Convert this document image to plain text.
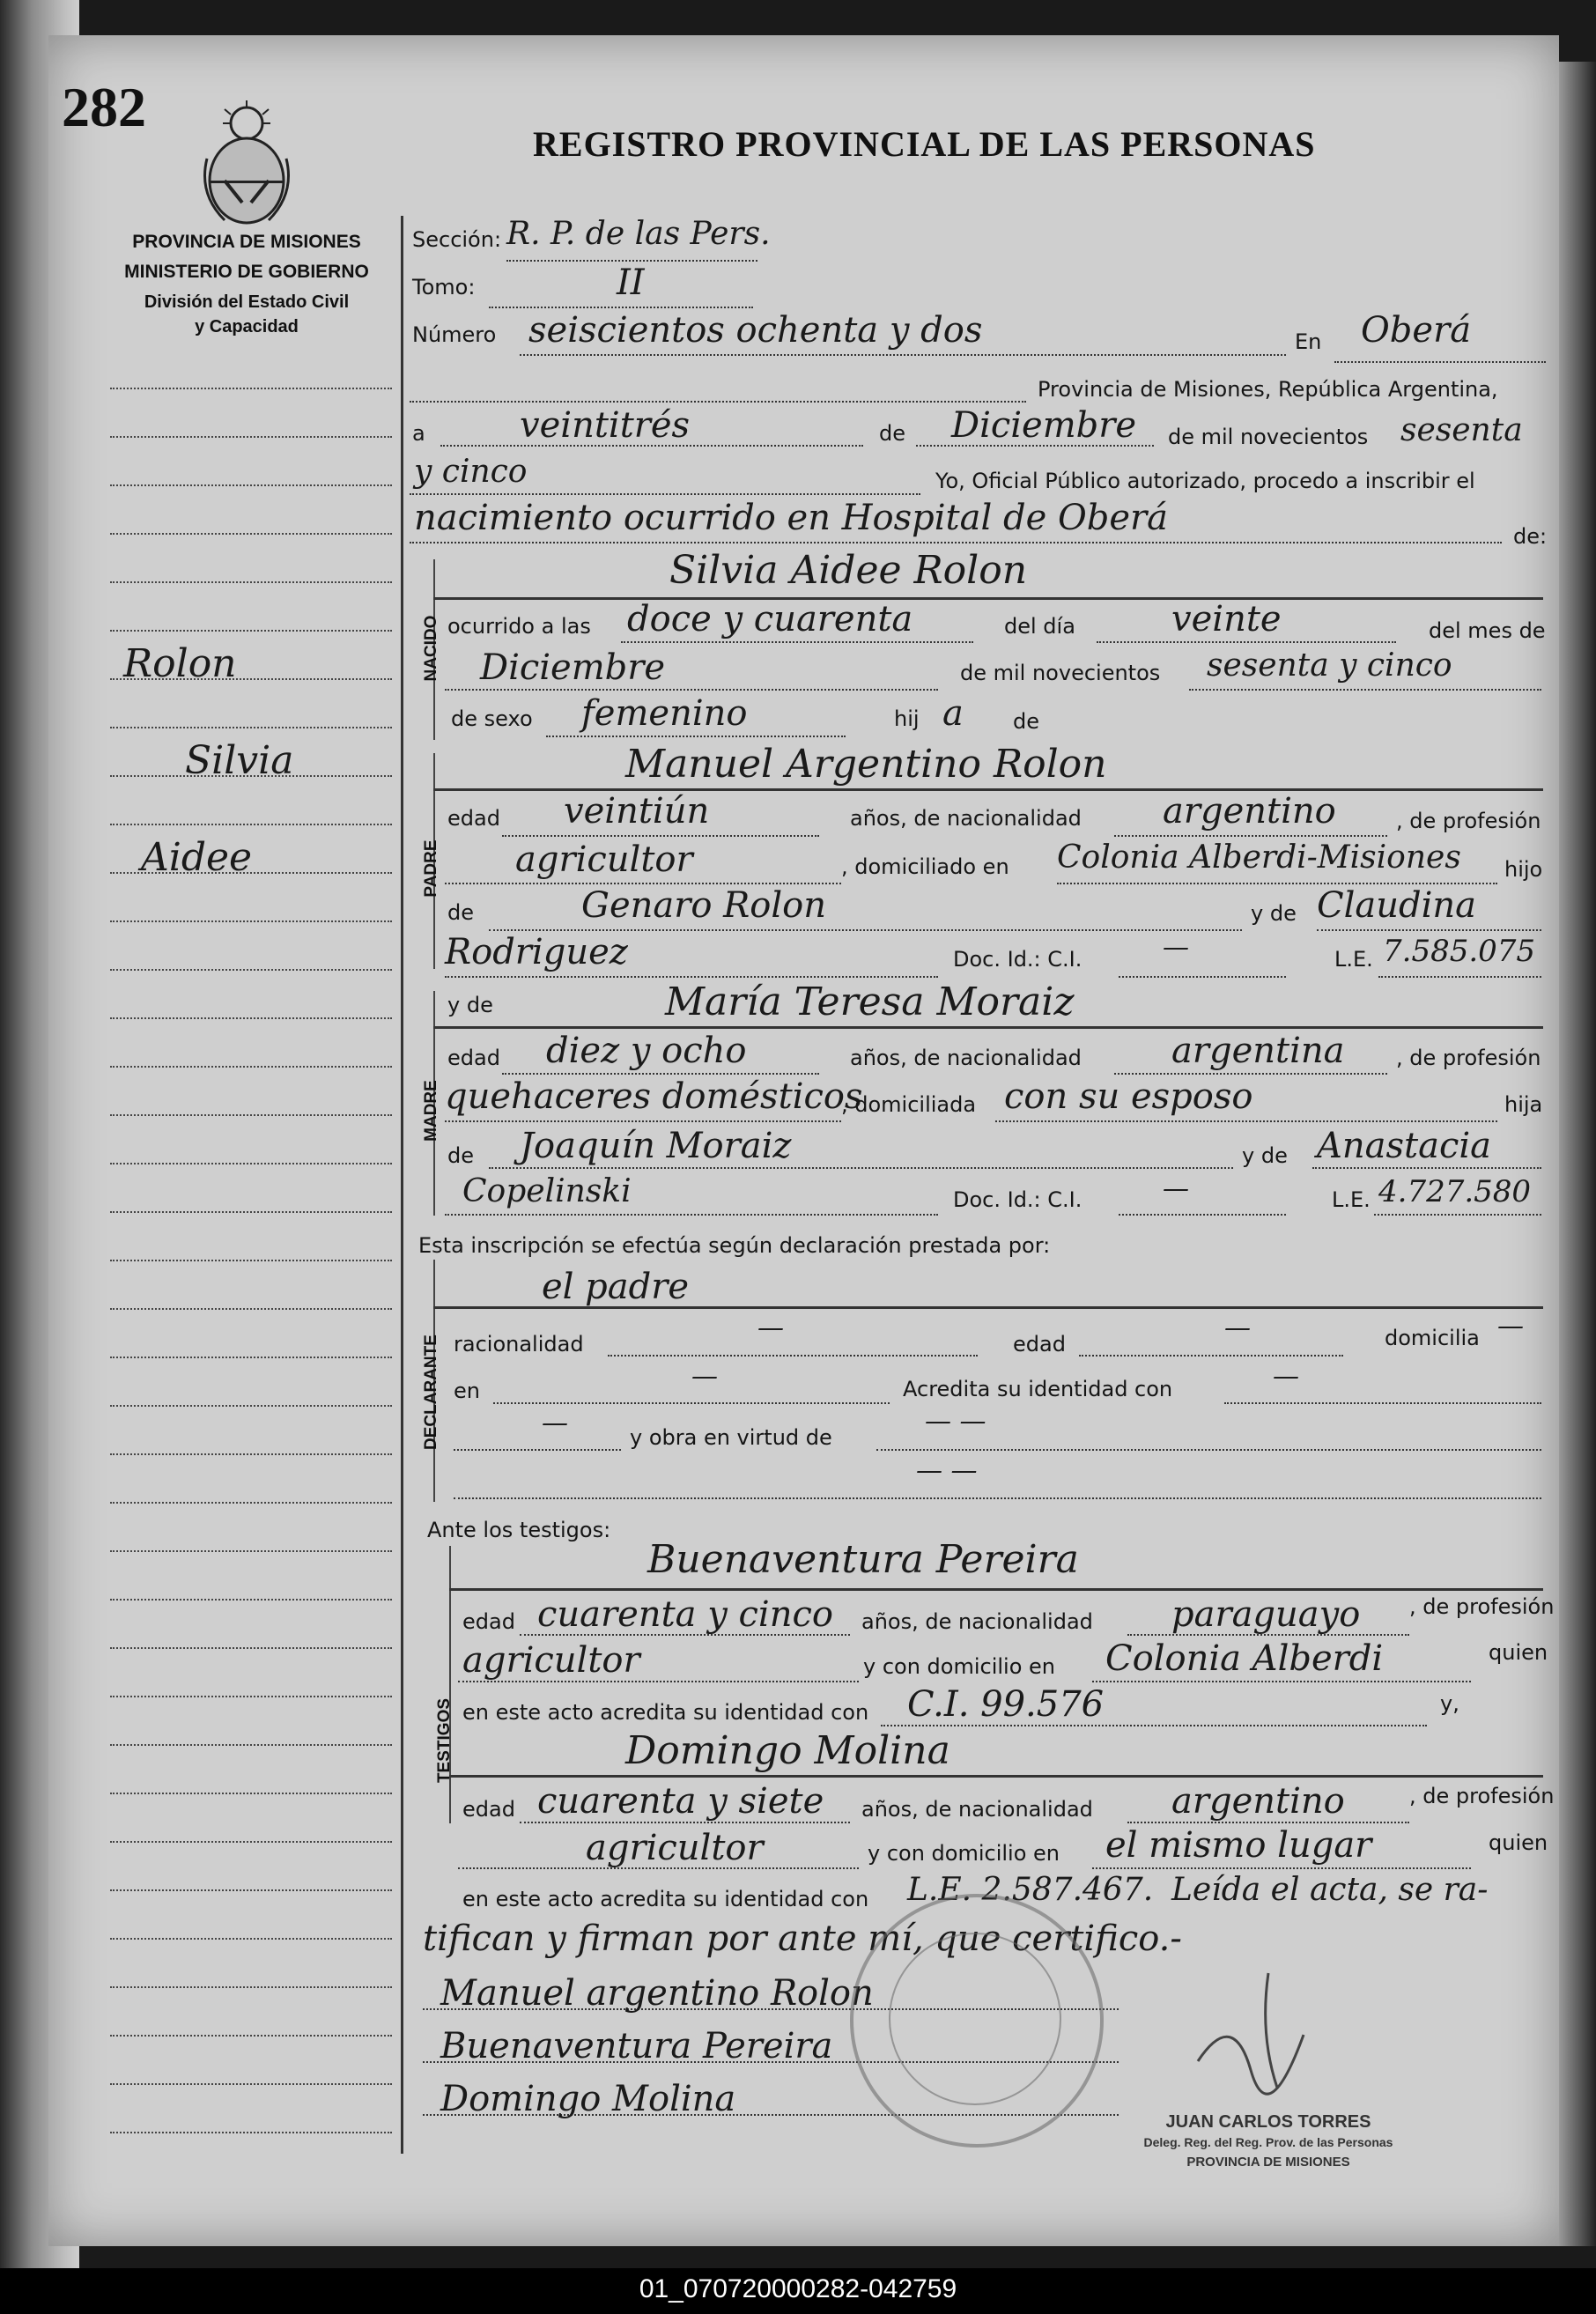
282
REGISTRO PROVINCIAL DE LAS PERSONAS
PROVINCIA DE MISIONES
MINISTERIO DE GOBIERNO
División del Estado Civil
y Capacidad
Rolon
Silvia
Aidee
Sección: R. P. de las Pers.
Tomo:	II
Número seiscientos ochenta y dos	En Oberá
Provincia de Misiones, República Argentina,
a	veintitrés	de Diciembre de mil novecientos sesenta
y cinco	Yo, Oficial Público autorizado, procedo a inscribir el
nacimiento ocurrido en Hospital de Oberá	de:
NACIDO
Silvia Aidee Rolon
ocurrido a las doce y cuarenta	del día	veinte	del mes de
Diciembre	de mil novecientos sesenta y cinco
de sexo femenino	hij a de
PADRE
Manuel Argentino Rolon
edad veintiún	años, de nacionalidad argentino	, de profesión
agricultor	, domiciliado en Colonia Alberdi-Misiones hijo
de	Genaro Rolon	y de Claudina
Rodriguez	Doc. Id.: C.I.	—	L.E. 7.585.075
MADRE
y de	María Teresa Moraiz
edad diez y ocho	años, de nacionalidad	argentina , de profesión
quehaceres domésticos
, domiciliada con su esposo	hija
de Joaquín Moraiz	y de Anastacia
Copelinski	Doc. Id.: C.I.	—	L.E. 4.727.580
Esta inscripción se efectúa según declaración prestada por:
el padre
DECLARANTE racionalidad
—
edad
—	domicilia —
en	—	Acredita su identidad con	—
—	y obra en virtud de
— —
— —
Ante los testigos:
Buenaventura Pereira
TESTIGOS
edad cuarenta y cinco años, de nacionalidad paraguayo , de profesión
agricultor	y con domicilio en Colonia Alberdi	quien
en este acto acredita su identidad con C.I. 99.576	y,
Domingo Molina
edad cuarenta y siete años, de nacionalidad argentino	, de profesión
agricultor	y con domicilio en el mismo lugar	quien
en este acto acredita su identidad con L.E. 2.587.467. Leída el acta, se ra-
tifican y firman por ante mí, que certifico.-
Manuel argentino Rolon
Buenaventura Pereira
Domingo Molina
JUAN CARLOS TORRES
Deleg. Reg. del Reg. Prov. de las Personas
PROVINCIA DE MISIONES
01_070720000282-042759
